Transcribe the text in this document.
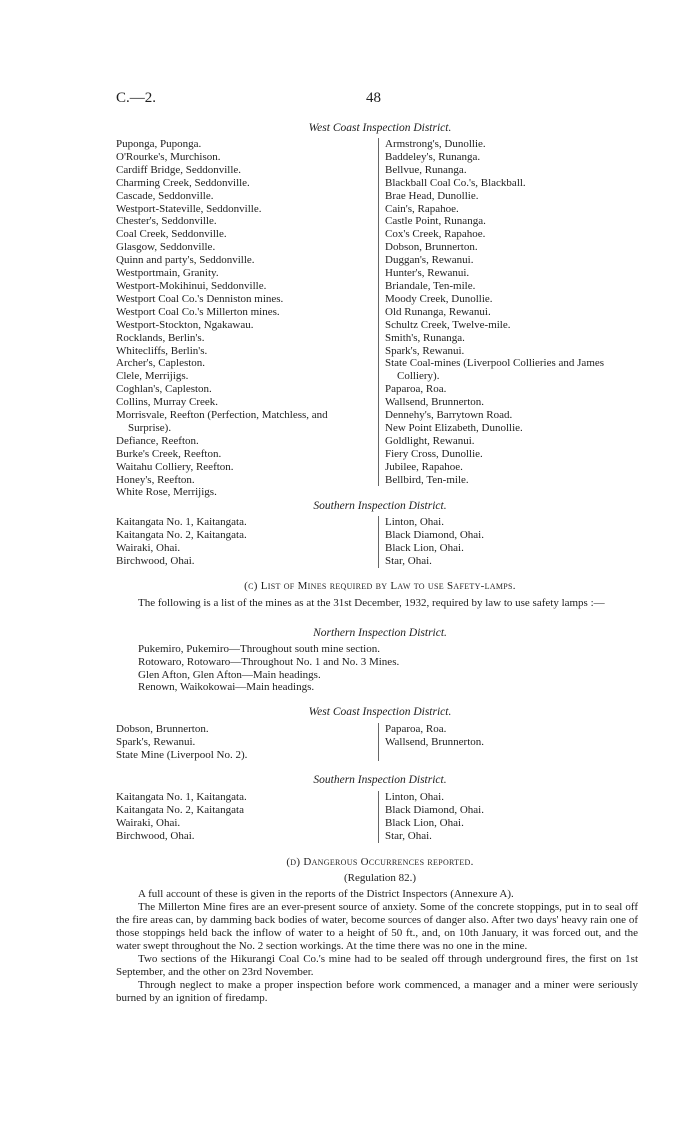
C.—2.	48
West Coast Inspection District.
Puponga, Puponga.
O'Rourke's, Murchison.
Cardiff Bridge, Seddonville.
Charming Creek, Seddonville.
Cascade, Seddonville.
Westport-Stateville, Seddonville.
Chester's, Seddonville.
Coal Creek, Seddonville.
Glasgow, Seddonville.
Quinn and party's, Seddonville.
Westportmain, Granity.
Westport-Mokihinui, Seddonville.
Westport Coal Co.'s Denniston mines.
Westport Coal Co.'s Millerton mines.
Westport-Stockton, Ngakawau.
Rocklands, Berlin's.
Whitecliffs, Berlin's.
Archer's, Capleston.
Clele, Merrijigs.
Coghlan's, Capleston.
Collins, Murray Creek.
Morrisvale, Reefton (Perfection, Matchless, and
Surprise).
Defiance, Reefton.
Burke's Creek, Reefton.
Waitahu Colliery, Reefton.
Honey's, Reefton.
White Rose, Merrijigs.
Armstrong's, Dunollie.
Baddeley's, Runanga.
Bellvue, Runanga.
Blackball Coal Co.'s, Blackball.
Brae Head, Dunollie.
Cain's, Rapahoe.
Castle Point, Runanga.
Cox's Creek, Rapahoe.
Dobson, Brunnerton.
Duggan's, Rewanui.
Hunter's, Rewanui.
Briandale, Ten-mile.
Moody Creek, Dunollie.
Old Runanga, Rewanui.
Schultz Creek, Twelve-mile.
Smith's, Runanga.
Spark's, Rewanui.
State Coal-mines (Liverpool Collieries and James
Colliery).
Paparoa, Roa.
Wallsend, Brunnerton.
Dennehy's, Barrytown Road.
New Point Elizabeth, Dunollie.
Goldlight, Rewanui.
Fiery Cross, Dunollie.
Jubilee, Rapahoe.
Bellbird, Ten-mile.
Southern Inspection District.
Kaitangata No. 1, Kaitangata.
Kaitangata No. 2, Kaitangata.
Wairaki, Ohai.
Birchwood, Ohai.
Linton, Ohai.
Black Diamond, Ohai.
Black Lion, Ohai.
Star, Ohai.
(c) List of Mines required by Law to use Safety-lamps.
The following is a list of the mines as at the 31st December, 1932, required by law to use safety lamps :—
Northern Inspection District.
Pukemiro, Pukemiro—Throughout south mine section.
Rotowaro, Rotowaro—Throughout No. 1 and No. 3 Mines.
Glen Afton, Glen Afton—Main headings.
Renown, Waikokowai—Main headings.
West Coast Inspection District.
Dobson, Brunnerton.
Spark's, Rewanui.
State Mine (Liverpool No. 2).
Paparoa, Roa.
Wallsend, Brunnerton.
Southern Inspection District.
Kaitangata No. 1, Kaitangata.
Kaitangata No. 2, Kaitangata
Wairaki, Ohai.
Birchwood, Ohai.
Linton, Ohai.
Black Diamond, Ohai.
Black Lion, Ohai.
Star, Ohai.
(d) Dangerous Occurrences reported.
(Regulation 82.)
A full account of these is given in the reports of the District Inspectors (Annexure A).
The Millerton Mine fires are an ever-present source of anxiety. Some of the concrete stoppings, put in to seal off the fire areas can, by damming back bodies of water, become sources of danger also. After two days' heavy rain one of those stoppings held back the inflow of water to a height of 50 ft., and, on 10th January, it was forced out, and the water swept throughout the No. 2 section workings. At the time there was no one in the mine.
Two sections of the Hikurangi Coal Co.'s mine had to be sealed off through underground fires, the first on 1st September, and the other on 23rd November.
Through neglect to make a proper inspection before work commenced, a manager and a miner were seriously burned by an ignition of firedamp.
